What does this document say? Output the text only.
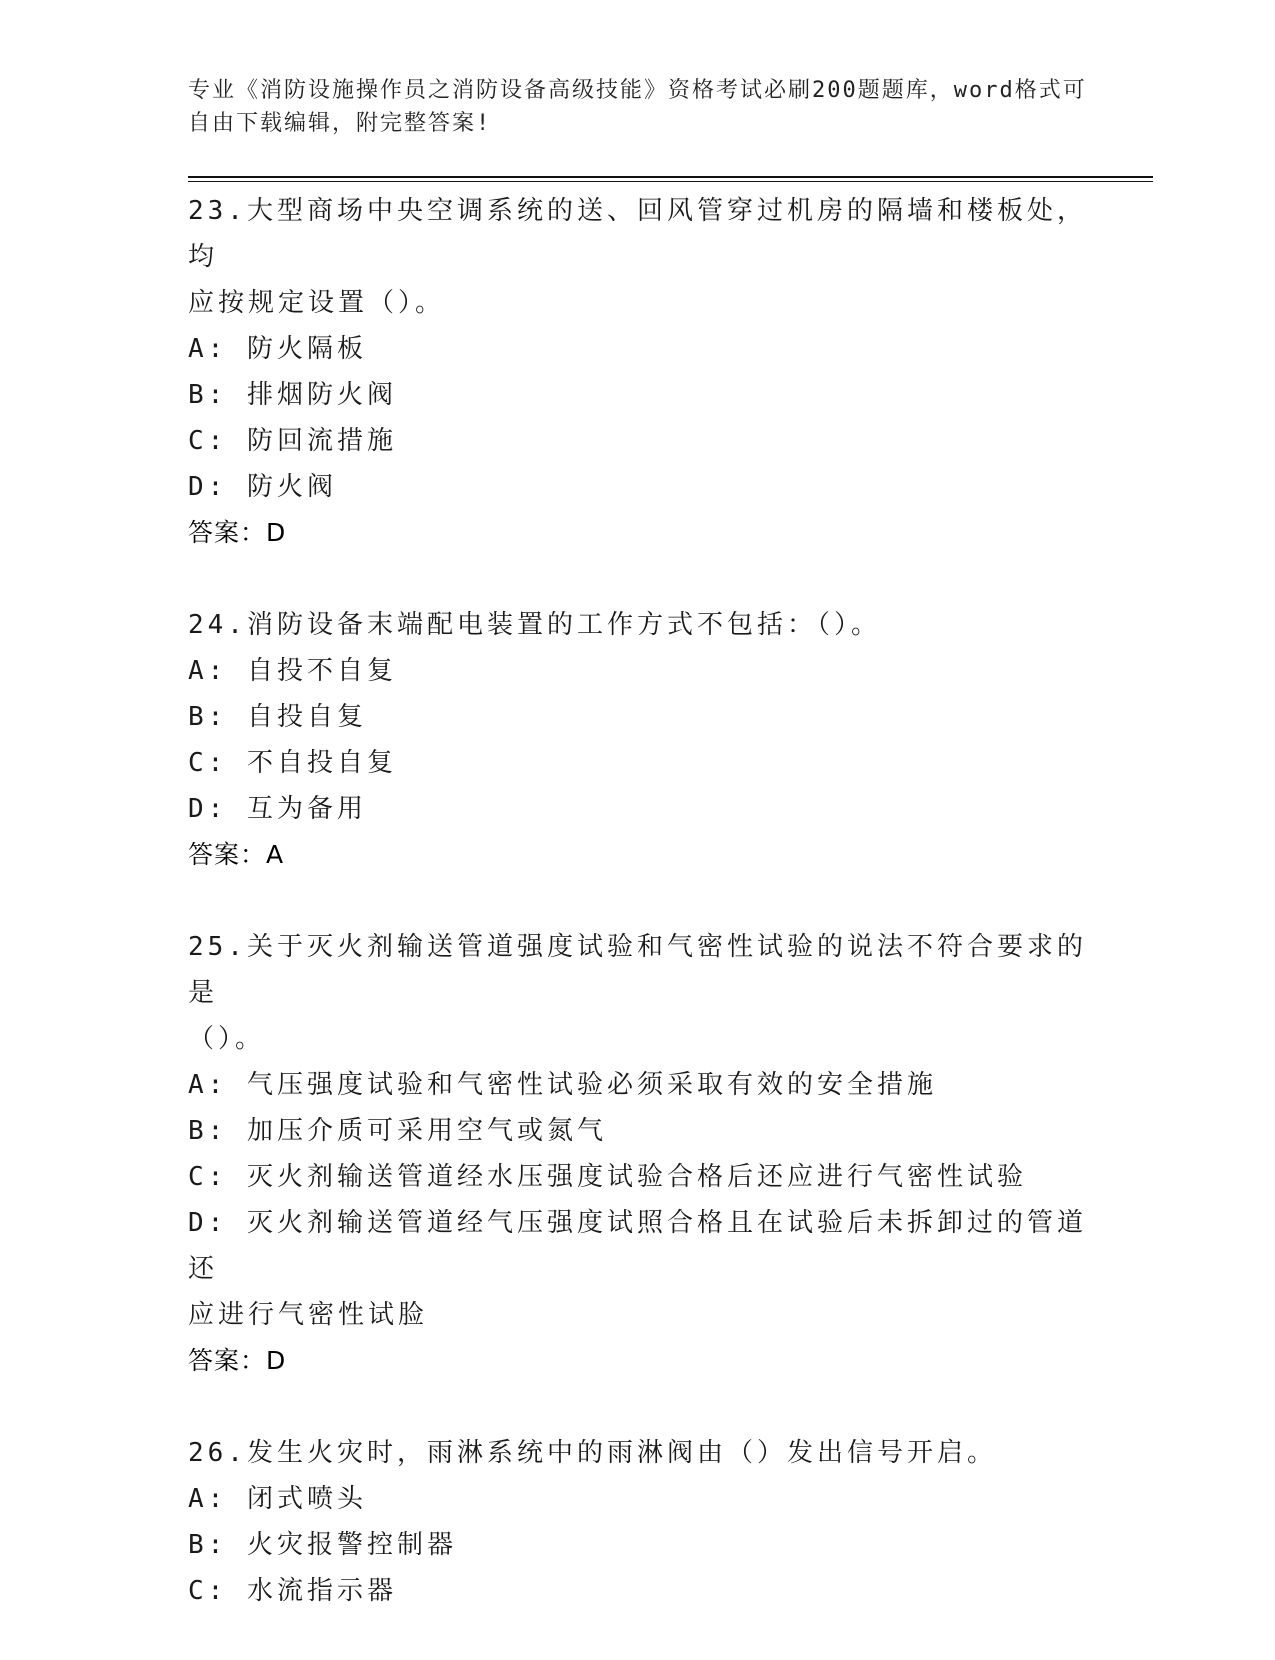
专业《消防设施操作员之消防设备高级技能》资格考试必刷200题题库，word格式可自由下载编辑，附完整答案!
23.大型商场中央空调系统的送、回风管穿过机房的隔墙和楼板处，均
应按规定设置（）。
A: 防火隔板
B: 排烟防火阀
C: 防回流措施
D: 防火阀
答案：D
24.消防设备末端配电装置的工作方式不包括：（）。
A: 自投不自复
B: 自投自复
C: 不自投自复
D: 互为备用
答案：A
25.关于灭火剂输送管道强度试验和气密性试验的说法不符合要求的是
（）。
A: 气压强度试验和气密性试验必须采取有效的安全措施
B: 加压介质可采用空气或氮气
C: 灭火剂输送管道经水压强度试验合格后还应进行气密性试验
D: 灭火剂输送管道经气压强度试照合格且在试验后未拆卸过的管道还
应进行气密性试脸
答案：D
26.发生火灾时，雨淋系统中的雨淋阀由（）发出信号开启。
A: 闭式喷头
B: 火灾报警控制器
C: 水流指示器
